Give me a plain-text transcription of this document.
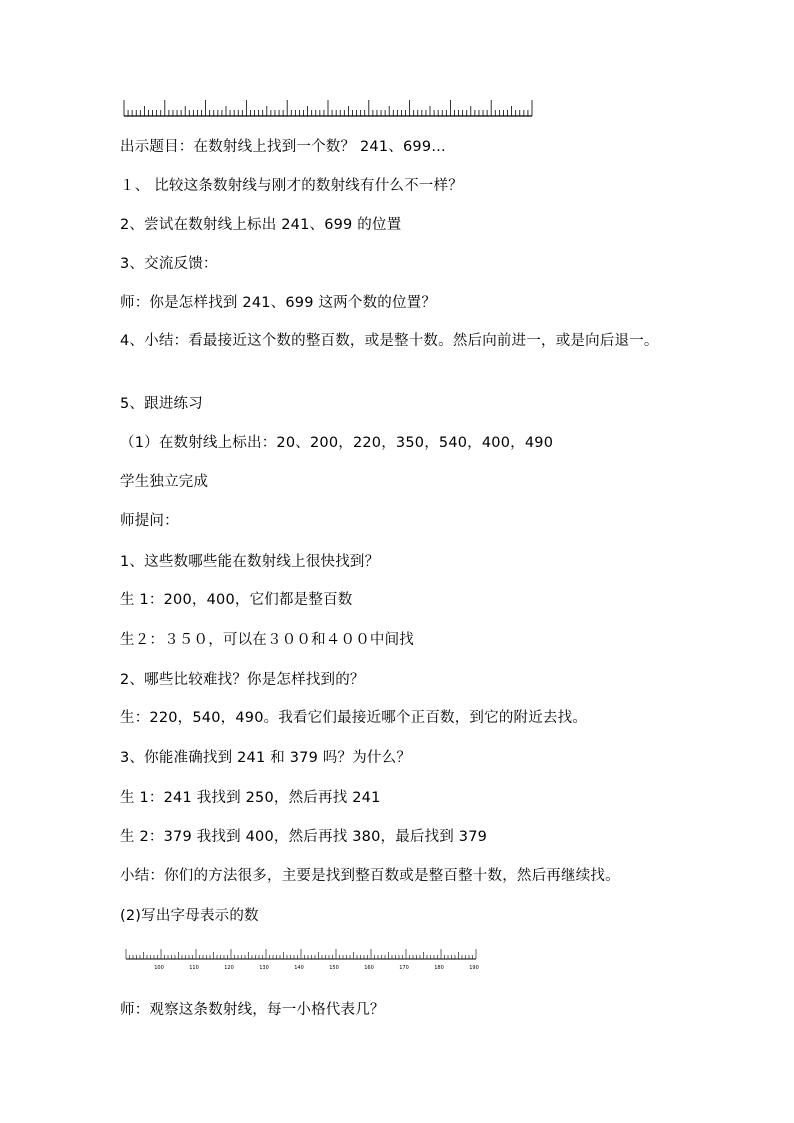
出示题目：在数射线上找到一个数？ 241、699…
１、 比较这条数射线与刚才的数射线有什么不一样？
2、尝试在数射线上标出 241、699 的位置
3、交流反馈：
师：你是怎样找到 241、699 这两个数的位置？
4、小结：看最接近这个数的整百数，或是整十数。然后向前进一，或是向后退一。
5、跟进练习
（1）在数射线上标出：20、200，220，350，540，400，490
学生独立完成
师提问：
1、这些数哪些能在数射线上很快找到？
生 1：200，400，它们都是整百数
生２：３５０，可以在３００和４００中间找
2、哪些比较难找？你是怎样找到的？
生：220，540，490。我看它们最接近哪个正百数，到它的附近去找。
3、你能准确找到 241 和 379 吗？为什么？
生 1：241 我找到 250，然后再找 241
生 2：379 我找到 400，然后再找 380，最后找到 379
小结：你们的方法很多，主要是找到整百数或是整百整十数，然后再继续找。
(2)写出字母表示的数
100	110	120	130	140	150	160	170	180	190
师：观察这条数射线，每一小格代表几？
